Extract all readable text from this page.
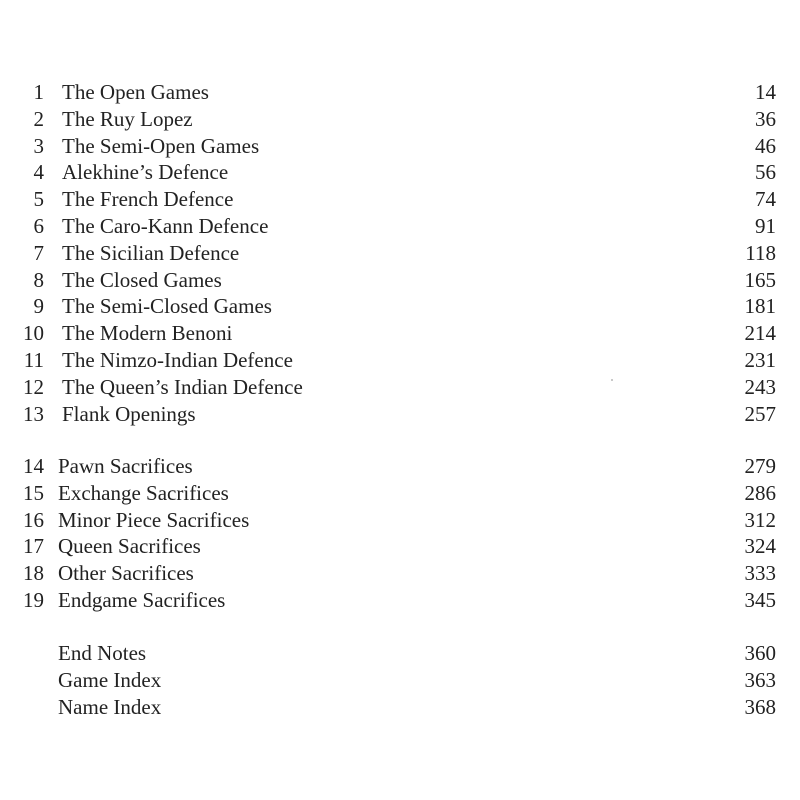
1 The Open Games	14
2 The Ruy Lopez	36
3 The Semi-Open Games	46
4 Alekhine’s Defence	56
5 The French Defence	74
6 The Caro-Kann Defence	91
7 The Sicilian Defence	118
8 The Closed Games	165
9 The Semi-Closed Games	181
10 The Modern Benoni	214
11 The Nimzo-Indian Defence	231
12 The Queen’s Indian Defence	243
13 Flank Openings	257
14 Pawn Sacrifices	279
15 Exchange Sacrifices	286
16 Minor Piece Sacrifices	312
17 Queen Sacrifices	324
18 Other Sacrifices	333
19 Endgame Sacrifices	345
End Notes	360
Game Index	363
Name Index	368
